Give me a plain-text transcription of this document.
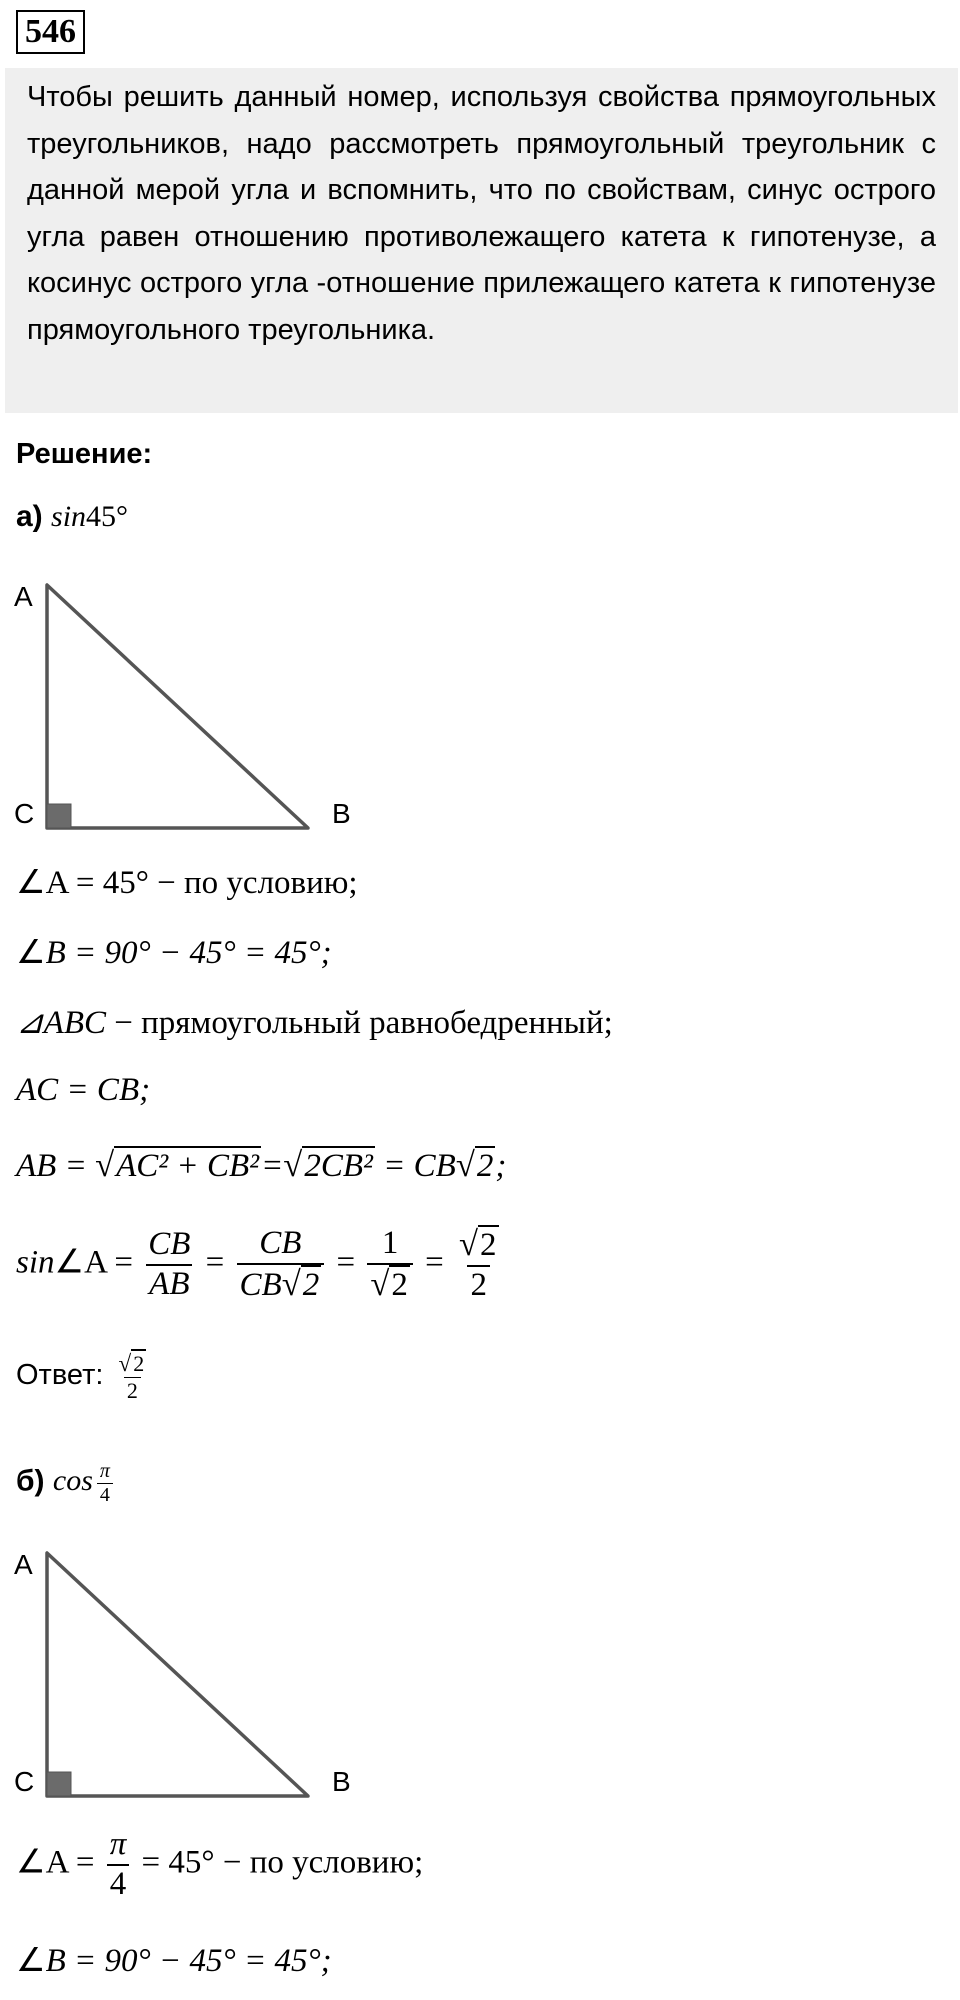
546

Чтобы решить данный номер, используя свойства прямоугольных треугольников, надо рассмотреть прямоугольный треугольник с данной мерой угла и вспомнить, что по свойствам, синус острого угла равен отношению противолежащего катета к гипотенузе, а косинус острого угла -отношение прилежащего катета к гипотенузе прямоугольного треугольника.

Решение:
а) sin45°
A
C	B
∠A = 45° − по условию;
∠B = 90° − 45° = 45°;
⊿ABC − прямоугольный равнобедренный;
AC = CB;
AB = √AC² + CB²=√2CB² = CB√2;
sin∠A = $\frac{CB}{AB} = \frac{CB}{CB√2} = \frac{1}{√2} = \frac{√2}{2}$
Ответ: $\frac{√2}{2}$
б) $\cos \frac{\pi}{4}$
A
C	B
∠A = $\frac{\pi}{4} = 45^\circ$ − по условию;
∠B = 90° − 45° = 45°;
